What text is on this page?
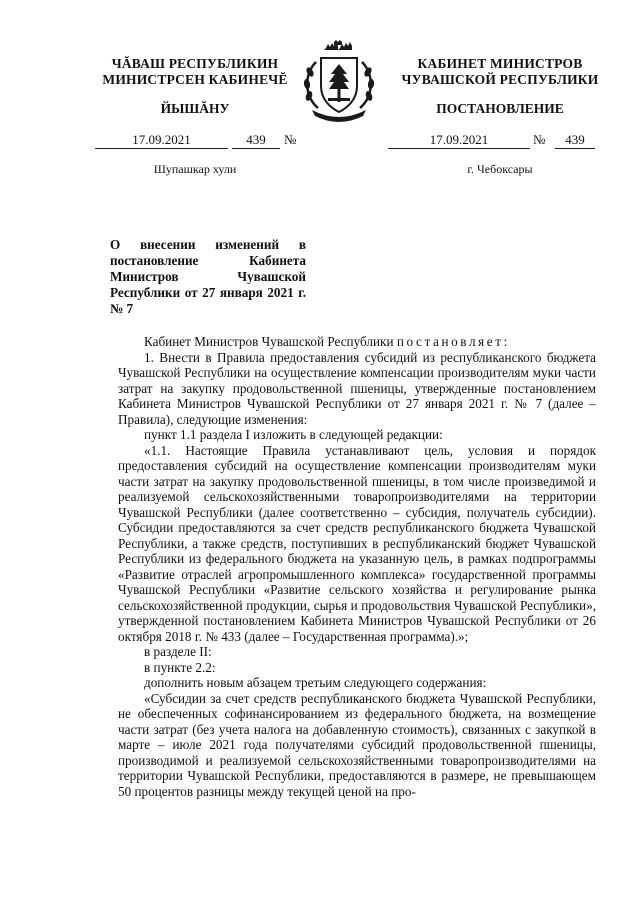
ЧĂВАШ РЕСПУБЛИКИН
МИНИСТРСЕН КАБИНЕЧĔ
ЙЫШĂНУ
КАБИНЕТ МИНИСТРОВ
ЧУВАШСКОЙ РЕСПУБЛИКИ
ПОСТАНОВЛЕНИЕ
17.09.2021	439	№	17.09.2021	№	439
Шупашкар хули	г. Чебоксары
О внесении изменений в постановление Кабинета Министров Чувашской Республики от 27 января 2021 г. № 7

Кабинет Министров Чувашской Республики постановляет:

1. Внести в Правила предоставления субсидий из республиканского бюджета Чувашской Республики на осуществление компенсации производителям муки части затрат на закупку продовольственной пшеницы, утвержденные постановлением Кабинета Министров Чувашской Республики от 27 января 2021 г. № 7 (далее – Правила), следующие изменения:

пункт 1.1 раздела I изложить в следующей редакции:

«1.1. Настоящие Правила устанавливают цель, условия и порядок предоставления субсидий на осуществление компенсации производителям муки части затрат на закупку продовольственной пшеницы, в том числе произведимой и реализуемой сельскохозяйственными товаропроизводителями на территории Чувашской Республики (далее соответственно – субсидия, получатель субсидии). Субсидии предоставляются за счет средств республиканского бюджета Чувашской Республики, а также средств, поступивших в республиканский бюджет Чувашской Республики из федерального бюджета на указанную цель, в рамках подпрограммы «Развитие отраслей агропромышленного комплекса» государственной программы Чувашской Республики «Развитие сельского хозяйства и регулирование рынка сельскохозяйственной продукции, сырья и продовольствия Чувашской Республики», утвержденной постановлением Кабинета Министров Чувашской Республики от 26 октября 2018 г. № 433 (далее – Государственная программа).»;

в разделе II:

в пункте 2.2:

дополнить новым абзацем третьим следующего содержания:

«Субсидии за счет средств республиканского бюджета Чувашской Республики, не обеспеченных софинансированием из федерального бюджета, на возмещение части затрат (без учета налога на добавленную стоимость), связанных с закупкой в марте – июле 2021 года получателями субсидий продовольственной пшеницы, производимой и реализуемой сельскохозяйственными товаропроизводителями на территории Чувашской Республики, предоставляются в размере, не превышающем 50 процентов разницы между текущей ценой на про-
